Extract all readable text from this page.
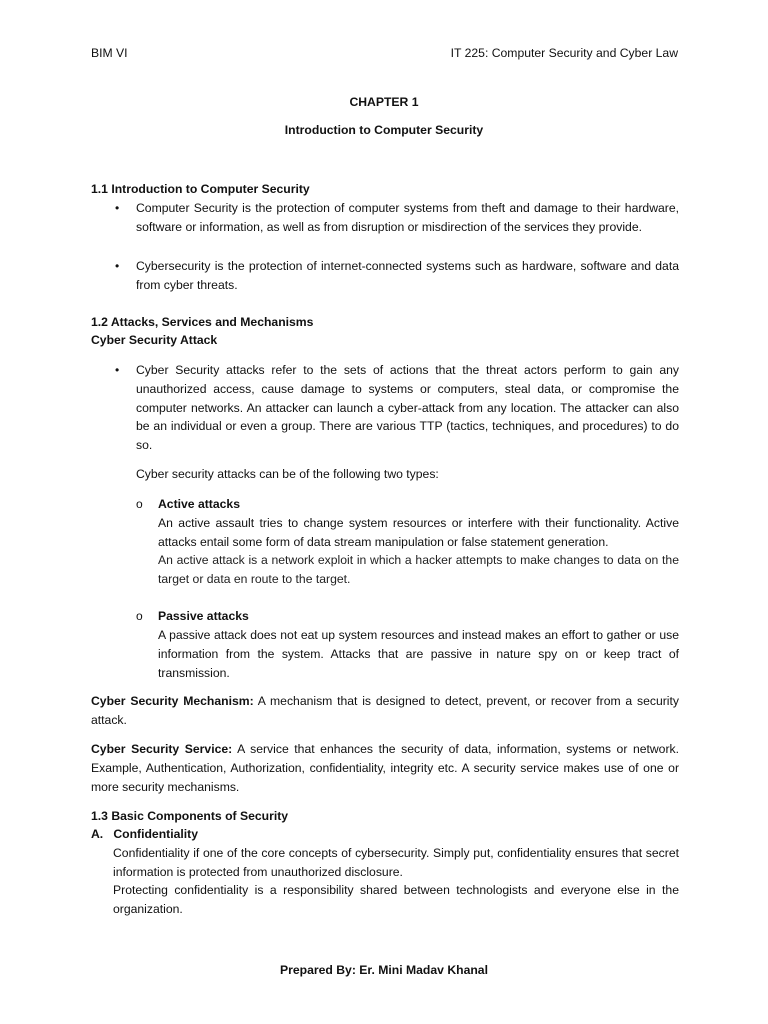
BIM VI	IT 225: Computer Security and Cyber Law
CHAPTER 1
Introduction to Computer Security
1.1 Introduction to Computer Security
• Computer Security is the protection of computer systems from theft and damage to their hardware, software or information, as well as from disruption or misdirection of the services they provide.
• Cybersecurity is the protection of internet-connected systems such as hardware, software and data from cyber threats.
1.2 Attacks, Services and Mechanisms
Cyber Security Attack
• Cyber Security attacks refer to the sets of actions that the threat actors perform to gain any unauthorized access, cause damage to systems or computers, steal data, or compromise the computer networks. An attacker can launch a cyber-attack from any location. The attacker can also be an individual or even a group. There are various TTP (tactics, techniques, and procedures) to do so.
Cyber security attacks can be of the following two types:
o Active attacks
An active assault tries to change system resources or interfere with their functionality. Active attacks entail some form of data stream manipulation or false statement generation.
An active attack is a network exploit in which a hacker attempts to make changes to data on the target or data en route to the target.
o Passive attacks
A passive attack does not eat up system resources and instead makes an effort to gather or use information from the system. Attacks that are passive in nature spy on or keep tract of transmission.
Cyber Security Mechanism: A mechanism that is designed to detect, prevent, or recover from a security attack.
Cyber Security Service: A service that enhances the security of data, information, systems or network. Example, Authentication, Authorization, confidentiality, integrity etc. A security service makes use of one or more security mechanisms.
1.3 Basic Components of Security
A.   Confidentiality
Confidentiality if one of the core concepts of cybersecurity. Simply put, confidentiality ensures that secret information is protected from unauthorized disclosure.
Protecting confidentiality is a responsibility shared between technologists and everyone else in the organization.
Prepared By: Er. Mini Madav Khanal
